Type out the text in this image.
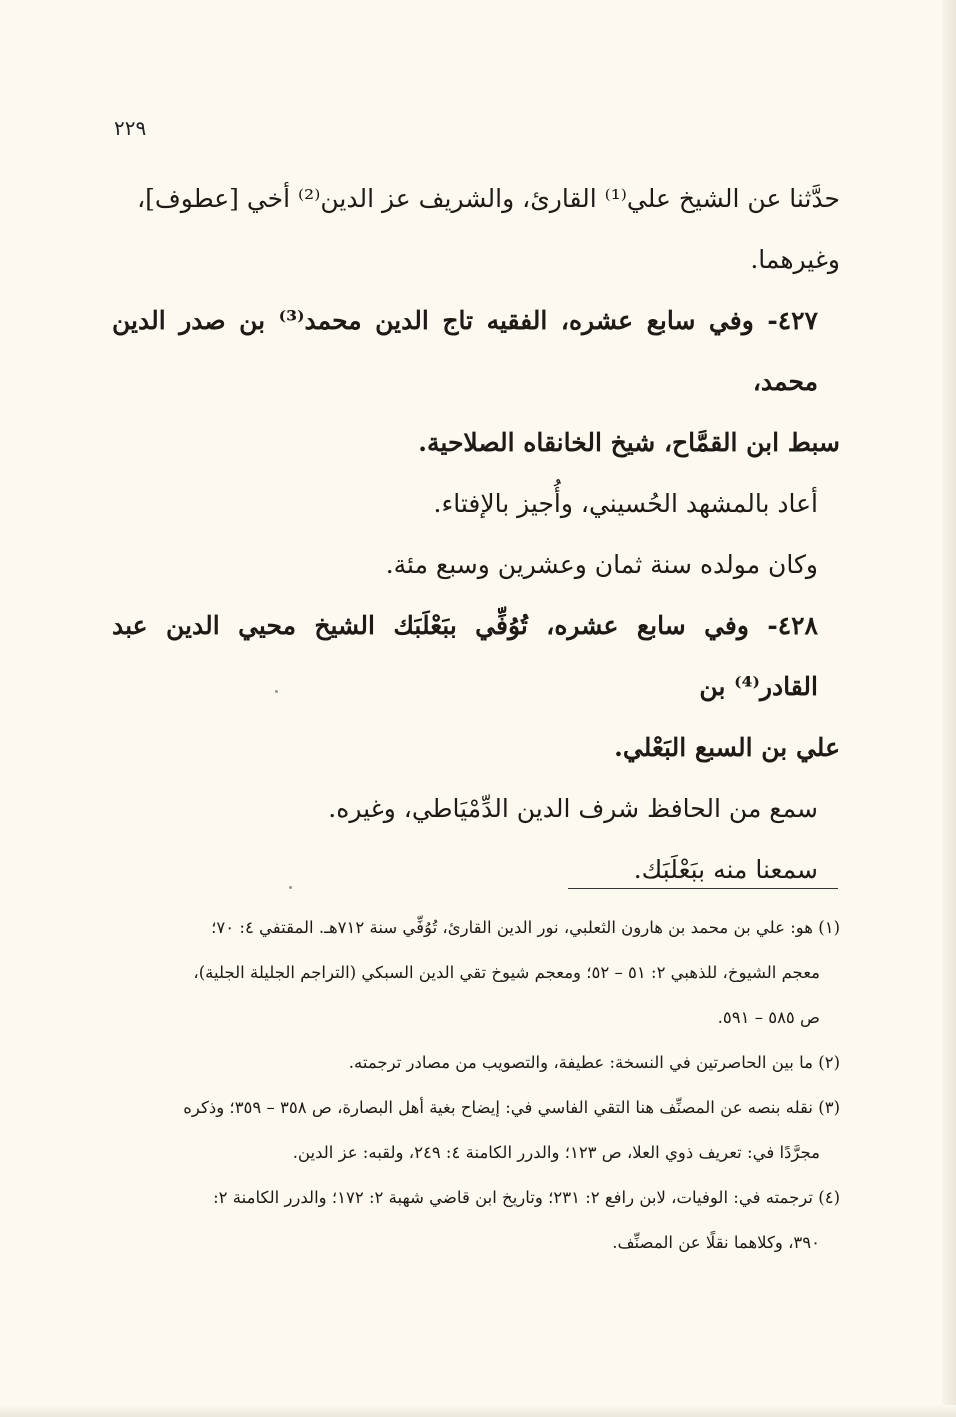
٢٢٩

حدَّثنا عن الشيخ علي⁽¹⁾ القارئ، والشريف عز الدين⁽²⁾ أخي [عطوف]،

وغيرهما.

٤٢٧- وفي سابع عشره، الفقيه تاج الدين محمد⁽³⁾ بن صدر الدين محمد،

سبط ابن القمَّاح، شيخ الخانقاه الصلاحية.

أعاد بالمشهد الحُسيني، وأُجيز بالإفتاء.

وكان مولده سنة ثمان وعشرين وسبع مئة.

٤٢٨- وفي سابع عشره، تُوُفِّي ببَعْلَبَك الشيخ محيي الدين عبد القادر⁽⁴⁾ بن

علي بن السبع البَعْلي.

سمع من الحافظ شرف الدين الدِّمْيَاطي، وغيره.

سمعنا منه ببَعْلَبَك.

(١) هو: علي بن محمد بن هارون الثعلبي، نور الدين القارئ، تُوُفِّي سنة ٧١٢هـ. المقتفي ٤: ٧٠؛

معجم الشيوخ، للذهبي ٢: ٥١ – ٥٢؛ ومعجم شيوخ تقي الدين السبكي (التراجم الجليلة الجلية)،

ص ٥٨٥ – ٥٩١.

(٢) ما بين الحاصرتين في النسخة: عطيفة، والتصويب من مصادر ترجمته.

(٣) نقله بنصه عن المصنِّف هنا التقي الفاسي في: إيضاح بغية أهل البصارة، ص ٣٥٨ – ٣٥٩؛ وذكره

مجرَّدًا في: تعريف ذوي العلا، ص ١٢٣؛ والدرر الكامنة ٤: ٢٤٩، ولقبه: عز الدين.

(٤) ترجمته في: الوفيات، لابن رافع ٢: ٢٣١؛ وتاريخ ابن قاضي شهبة ٢: ١٧٢؛ والدرر الكامنة ٢:

٣٩٠، وكلاهما نقلًا عن المصنِّف.
